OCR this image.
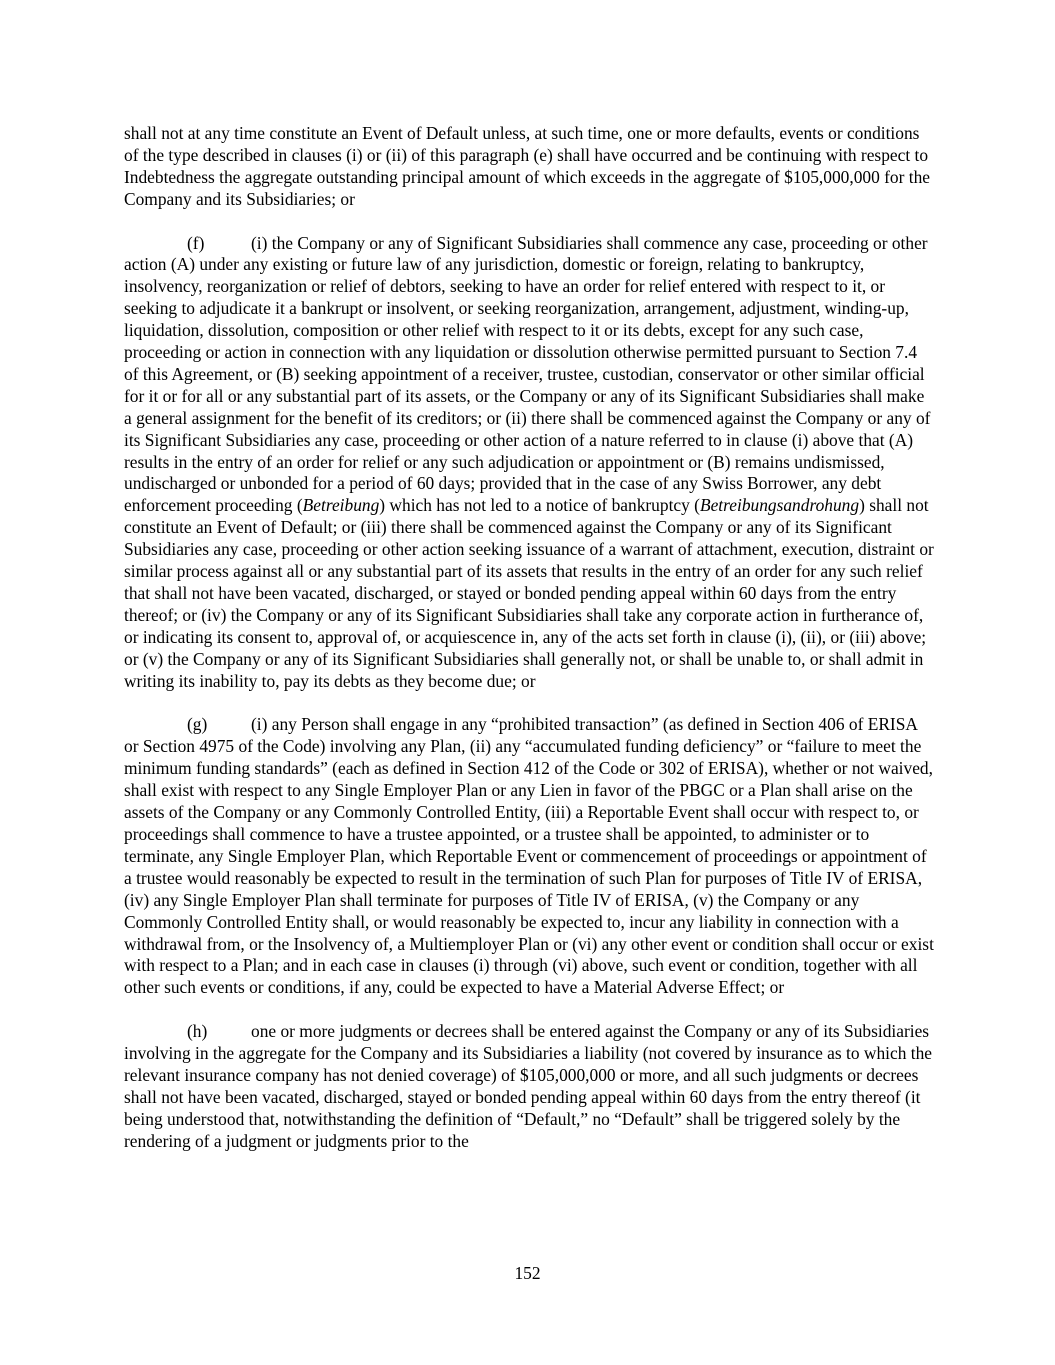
shall not at any time constitute an Event of Default unless, at such time, one or more defaults, events or conditions of the type described in clauses (i) or (ii) of this paragraph (e) shall have occurred and be continuing with respect to Indebtedness the aggregate outstanding principal amount of which exceeds in the aggregate of $105,000,000 for the Company and its Subsidiaries; or

(f)	(i) the Company or any of Significant Subsidiaries shall commence any case, proceeding or other action (A) under any existing or future law of any jurisdiction, domestic or foreign, relating to bankruptcy, insolvency, reorganization or relief of debtors, seeking to have an order for relief entered with respect to it, or seeking to adjudicate it a bankrupt or insolvent, or seeking reorganization, arrangement, adjustment, winding-up, liquidation, dissolution, composition or other relief with respect to it or its debts, except for any such case, proceeding or action in connection with any liquidation or dissolution otherwise permitted pursuant to Section 7.4 of this Agreement, or (B) seeking appointment of a receiver, trustee, custodian, conservator or other similar official for it or for all or any substantial part of its assets, or the Company or any of its Significant Subsidiaries shall make a general assignment for the benefit of its creditors; or (ii) there shall be commenced against the Company or any of its Significant Subsidiaries any case, proceeding or other action of a nature referred to in clause (i) above that (A) results in the entry of an order for relief or any such adjudication or appointment or (B) remains undismissed, undischarged or unbonded for a period of 60 days; provided that in the case of any Swiss Borrower, any debt enforcement proceeding (Betreibung) which has not led to a notice of bankruptcy (Betreibungsandrohung) shall not constitute an Event of Default; or (iii) there shall be commenced against the Company or any of its Significant Subsidiaries any case, proceeding or other action seeking issuance of a warrant of attachment, execution, distraint or similar process against all or any substantial part of its assets that results in the entry of an order for any such relief that shall not have been vacated, discharged, or stayed or bonded pending appeal within 60 days from the entry thereof; or (iv) the Company or any of its Significant Subsidiaries shall take any corporate action in furtherance of, or indicating its consent to, approval of, or acquiescence in, any of the acts set forth in clause (i), (ii), or (iii) above; or (v) the Company or any of its Significant Subsidiaries shall generally not, or shall be unable to, or shall admit in writing its inability to, pay its debts as they become due; or

(g)	(i) any Person shall engage in any “prohibited transaction” (as defined in Section 406 of ERISA or Section 4975 of the Code) involving any Plan, (ii) any “accumulated funding deficiency” or “failure to meet the minimum funding standards” (each as defined in Section 412 of the Code or 302 of ERISA), whether or not waived, shall exist with respect to any Single Employer Plan or any Lien in favor of the PBGC or a Plan shall arise on the assets of the Company or any Commonly Controlled Entity, (iii) a Reportable Event shall occur with respect to, or proceedings shall commence to have a trustee appointed, or a trustee shall be appointed, to administer or to terminate, any Single Employer Plan, which Reportable Event or commencement of proceedings or appointment of a trustee would reasonably be expected to result in the termination of such Plan for purposes of Title IV of ERISA, (iv) any Single Employer Plan shall terminate for purposes of Title IV of ERISA, (v) the Company or any Commonly Controlled Entity shall, or would reasonably be expected to, incur any liability in connection with a withdrawal from, or the Insolvency of, a Multiemployer Plan or (vi) any other event or condition shall occur or exist with respect to a Plan; and in each case in clauses (i) through (vi) above, such event or condition, together with all other such events or conditions, if any, could be expected to have a Material Adverse Effect; or

(h)	one or more judgments or decrees shall be entered against the Company or any of its Subsidiaries involving in the aggregate for the Company and its Subsidiaries a liability (not covered by insurance as to which the relevant insurance company has not denied coverage) of $105,000,000 or more, and all such judgments or decrees shall not have been vacated, discharged, stayed or bonded pending appeal within 60 days from the entry thereof (it being understood that, notwithstanding the definition of “Default,” no “Default” shall be triggered solely by the rendering of a judgment or judgments prior to the

152
